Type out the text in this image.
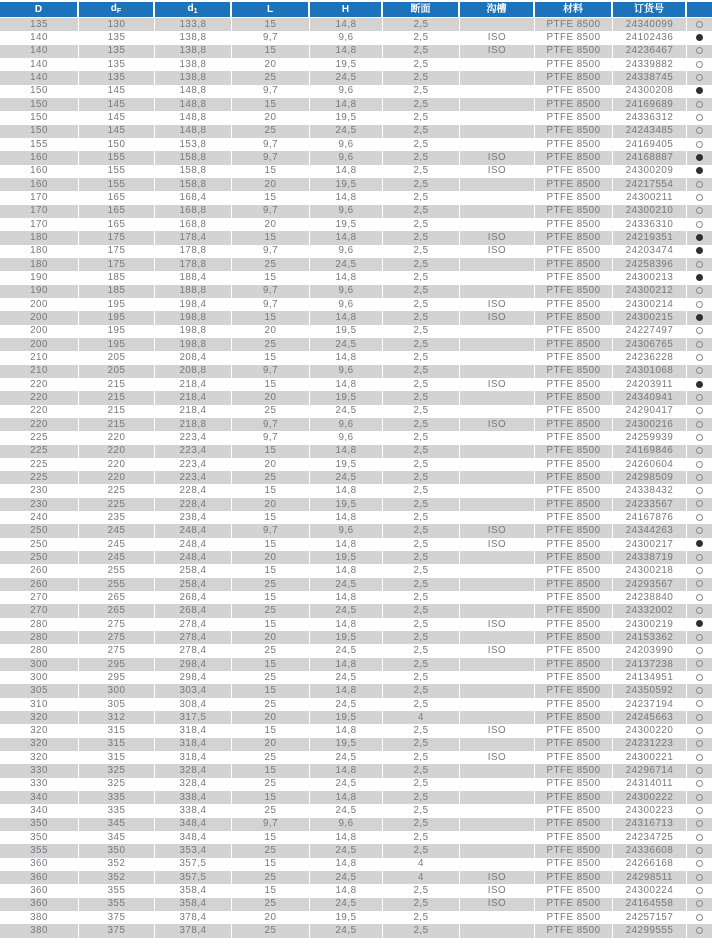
D	$d_F$	$d_1$	L	H	断面	沟槽	材料	订货号	
135	130	133,8	15	14,8	2,5		PTFE 8500	24340099	
140	135	138,8	9,7	9,6	2,5	ISO	PTFE 8500	24102436	
140	135	138,8	15	14,8	2,5	ISO	PTFE 8500	24236467	
140	135	138,8	20	19,5	2,5		PTFE 8500	24339882	
140	135	138,8	25	24,5	2,5		PTFE 8500	24338745	
150	145	148,8	9,7	9,6	2,5		PTFE 8500	24300208	
150	145	148,8	15	14,8	2,5		PTFE 8500	24169689	
150	145	148,8	20	19,5	2,5		PTFE 8500	24336312	
150	145	148,8	25	24,5	2,5		PTFE 8500	24243485	
155	150	153,8	9,7	9,6	2,5		PTFE 8500	24169405	
160	155	158,8	9,7	9,6	2,5	ISO	PTFE 8500	24168887	
160	155	158,8	15	14,8	2,5	ISO	PTFE 8500	24300209	
160	155	158,8	20	19,5	2,5		PTFE 8500	24217554	
170	165	168,4	15	14,8	2,5		PTFE 8500	24300211	
170	165	168,8	9,7	9,6	2,5		PTFE 8500	24300210	
170	165	168,8	20	19,5	2,5		PTFE 8500	24336310	
180	175	178,4	15	14,8	2,5	ISO	PTFE 8500	24219351	
180	175	178,8	9,7	9,6	2,5	ISO	PTFE 8500	24203474	
180	175	178,8	25	24,5	2,5		PTFE 8500	24258396	
190	185	188,4	15	14,8	2,5		PTFE 8500	24300213	
190	185	188,8	9,7	9,6	2,5		PTFE 8500	24300212	
200	195	198,4	9,7	9,6	2,5	ISO	PTFE 8500	24300214	
200	195	198,8	15	14,8	2,5	ISO	PTFE 8500	24300215	
200	195	198,8	20	19,5	2,5		PTFE 8500	24227497	
200	195	198,8	25	24,5	2,5		PTFE 8500	24306765	
210	205	208,4	15	14,8	2,5		PTFE 8500	24236228	
210	205	208,8	9,7	9,6	2,5		PTFE 8500	24301068	
220	215	218,4	15	14,8	2,5	ISO	PTFE 8500	24203911	
220	215	218,4	20	19,5	2,5		PTFE 8500	24340941	
220	215	218,4	25	24,5	2,5		PTFE 8500	24290417	
220	215	218,8	9,7	9,6	2,5	ISO	PTFE 8500	24300216	
225	220	223,4	9,7	9,6	2,5		PTFE 8500	24259939	
225	220	223,4	15	14,8	2,5		PTFE 8500	24169846	
225	220	223,4	20	19,5	2,5		PTFE 8500	24260604	
225	220	223,4	25	24,5	2,5		PTFE 8500	24298509	
230	225	228,4	15	14,8	2,5		PTFE 8500	24338432	
230	225	228,4	20	19,5	2,5		PTFE 8500	24233567	
240	235	238,4	15	14,8	2,5		PTFE 8500	24167876	
250	245	248,4	9,7	9,6	2,5	ISO	PTFE 8500	24344263	
250	245	248,4	15	14,8	2,5	ISO	PTFE 8500	24300217	
250	245	248,4	20	19,5	2,5		PTFE 8500	24338719	
260	255	258,4	15	14,8	2,5		PTFE 8500	24300218	
260	255	258,4	25	24,5	2,5		PTFE 8500	24293567	
270	265	268,4	15	14,8	2,5		PTFE 8500	24238840	
270	265	268,4	25	24,5	2,5		PTFE 8500	24332002	
280	275	278,4	15	14,8	2,5	ISO	PTFE 8500	24300219	
280	275	278,4	20	19,5	2,5		PTFE 8500	24153362	
280	275	278,4	25	24,5	2,5	ISO	PTFE 8500	24203990	
300	295	298,4	15	14,8	2,5		PTFE 8500	24137238	
300	295	298,4	25	24,5	2,5		PTFE 8500	24134951	
305	300	303,4	15	14,8	2,5		PTFE 8500	24350592	
310	305	308,4	25	24,5	2,5		PTFE 8500	24237194	
320	312	317,5	20	19,5	4		PTFE 8500	24245663	
320	315	318,4	15	14,8	2,5	ISO	PTFE 8500	24300220	
320	315	318,4	20	19,5	2,5		PTFE 8500	24231223	
320	315	318,4	25	24,5	2,5	ISO	PTFE 8500	24300221	
330	325	328,4	15	14,8	2,5		PTFE 8500	24296714	
330	325	328,4	25	24,5	2,5		PTFE 8500	24314011	
340	335	338,4	15	14,8	2,5		PTFE 8500	24300222	
340	335	338,4	25	24,5	2,5		PTFE 8500	24300223	
350	345	348,4	9,7	9,6	2,5		PTFE 8500	24316713	
350	345	348,4	15	14,8	2,5		PTFE 8500	24234725	
355	350	353,4	25	24,5	2,5		PTFE 8500	24336608	
360	352	357,5	15	14,8	4		PTFE 8500	24266168	
360	352	357,5	25	24,5	4	ISO	PTFE 8500	24298511	
360	355	358,4	15	14,8	2,5	ISO	PTFE 8500	24300224	
360	355	358,4	25	24,5	2,5	ISO	PTFE 8500	24164558	
380	375	378,4	20	19,5	2,5		PTFE 8500	24257157	
380	375	378,4	25	24,5	2,5		PTFE 8500	24299555	
